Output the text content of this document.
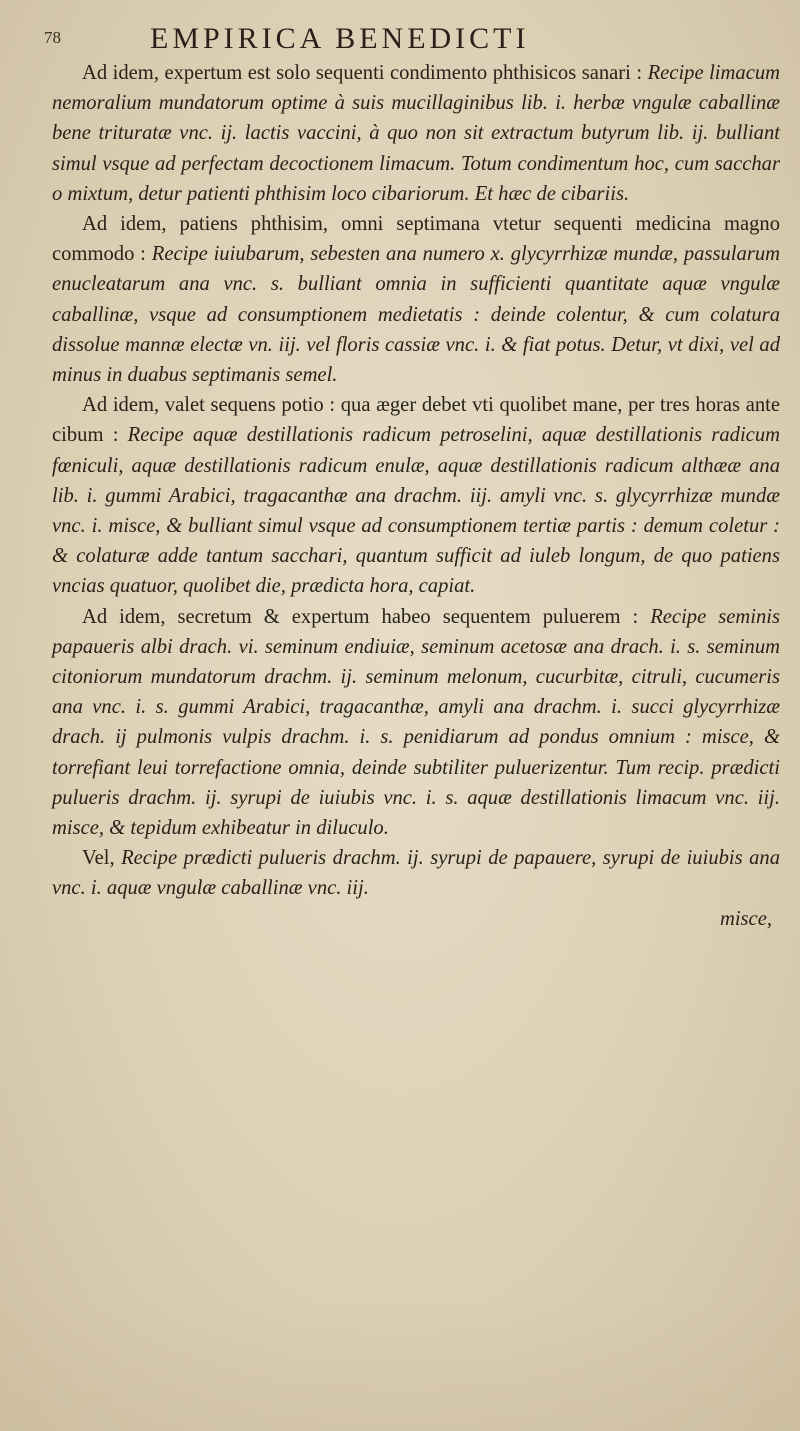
78	EMPIRICA BENEDICTI

Ad idem, expertum est solo sequenti condimento phthisicos sanari : Recipe limacum nemoralium mundatorum optime à suis mucillaginibus lib. i. herbæ vngulæ caballinæ bene trituratæ vnc. ij. lactis vaccini, à quo non sit extractum butyrum lib. ij. bulliant simul vsque ad perfectam decoctionem limacum. Totum condimentum hoc, cum sacchar o mixtum, detur patienti phthisim loco cibariorum. Et hæc de cibariis.

Ad idem, patiens phthisim, omni septimana vtetur sequenti medicina magno commodo : Recipe iuiubarum, sebesten ana numero x. glycyrrhizæ mundæ, passularum enucleatarum ana vnc. s. bulliant omnia in sufficienti quantitate aquæ vngulæ caballinæ, vsque ad consumptionem medietatis : deinde colentur, & cum colatura dissolue mannæ electæ vn. iij. vel floris cassiæ vnc. i. & fiat potus. Detur, vt dixi, vel ad minus in duabus septimanis semel.

Ad idem, valet sequens potio : qua æger debet vti quolibet mane, per tres horas ante cibum : Recipe aquæ destillationis radicum petroselini, aquæ destillationis radicum fœniculi, aquæ destillationis radicum enulæ, aquæ destillationis radicum althææ ana lib. i. gummi Arabici, tragacanthæ ana drachm. iij. amyli vnc. s. glycyrrhizæ mundæ vnc. i. misce, & bulliant simul vsque ad consumptionem tertiæ partis : demum coletur : & colaturæ adde tantum sacchari, quantum sufficit ad iuleb longum, de quo patiens vncias quatuor, quolibet die, prædicta hora, capiat.

Ad idem, secretum & expertum habeo sequentem puluerem : Recipe seminis papaueris albi drach. vi. seminum endiuiæ, seminum acetosæ ana drach. i. s. seminum citoniorum mundatorum drachm. ij. seminum melonum, cucurbitæ, citruli, cucumeris ana vnc. i. s. gummi Arabici, tragacanthæ, amyli ana drachm. i. succi glycyrrhizæ drach. ij pulmonis vulpis drachm. i. s. penidiarum ad pondus omnium : misce, & torrefiant leui torrefactione omnia, deinde subtiliter puluerizentur. Tum recip. prædicti pulueris drachm. ij. syrupi de iuiubis vnc. i. s. aquæ destillationis limacum vnc. iij. misce, & tepidum exhibeatur in diluculo.

Vel, Recipe prædicti pulueris drachm. ij. syrupi de papauere, syrupi de iuiubis ana vnc. i. aquæ vngulæ caballinæ vnc. iij.

misce,
